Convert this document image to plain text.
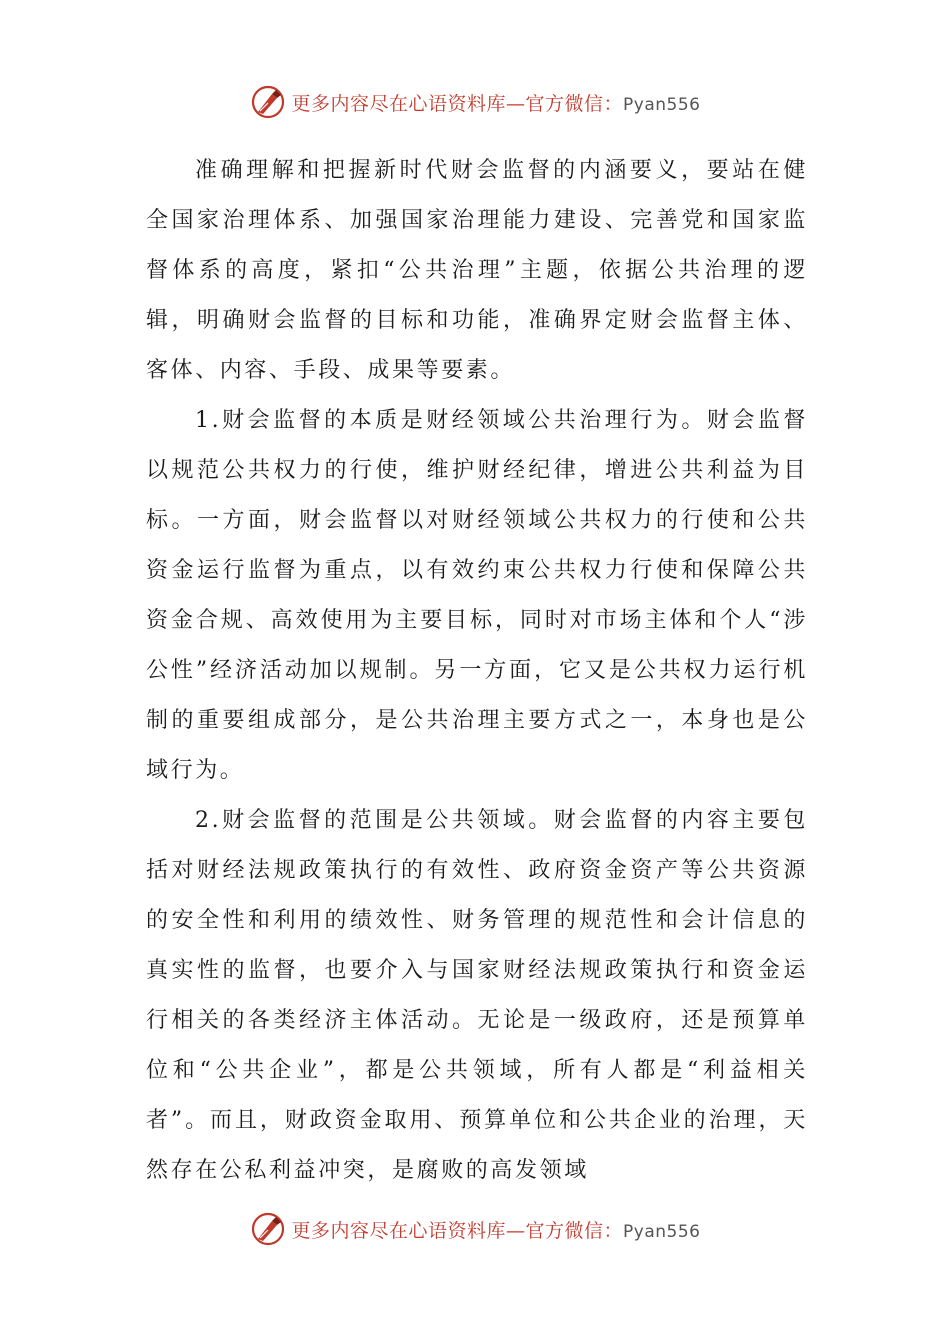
更多内容尽在心语资料库—官方微信：Pyan556

准确理解和把握新时代财会监督的内涵要义，要站在健全国家治理体系、加强国家治理能力建设、完善党和国家监督体系的高度，紧扣“公共治理”主题，依据公共治理的逻辑，明确财会监督的目标和功能，准确界定财会监督主体、客体、内容、手段、成果等要素。

1.财会监督的本质是财经领域公共治理行为。财会监督以规范公共权力的行使，维护财经纪律，增进公共利益为目标。一方面，财会监督以对财经领域公共权力的行使和公共资金运行监督为重点，以有效约束公共权力行使和保障公共资金合规、高效使用为主要目标，同时对市场主体和个人“涉公性”经济活动加以规制。另一方面，它又是公共权力运行机制的重要组成部分，是公共治理主要方式之一，本身也是公域行为。

2.财会监督的范围是公共领域。财会监督的内容主要包括对财经法规政策执行的有效性、政府资金资产等公共资源的安全性和利用的绩效性、财务管理的规范性和会计信息的真实性的监督，也要介入与国家财经法规政策执行和资金运行相关的各类经济主体活动。无论是一级政府，还是预算单位和“公共企业”，都是公共领域，所有人都是“利益相关者”。而且，财政资金取用、预算单位和公共企业的治理，天然存在公私利益冲突，是腐败的高发领域

更多内容尽在心语资料库—官方微信：Pyan556
